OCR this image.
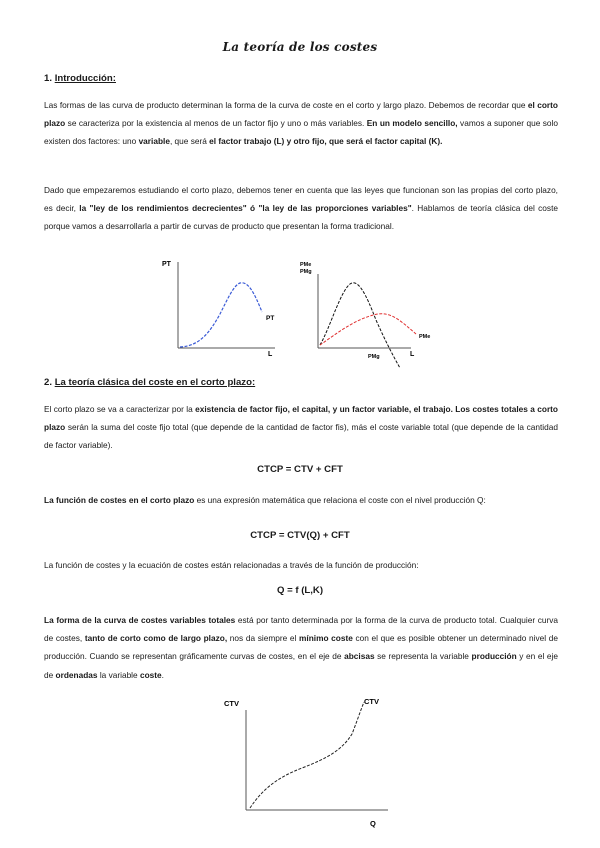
La teoría de los costes
1. Introducción:
Las formas de las curva de producto determinan la forma de la curva de coste en el corto y largo plazo. Debemos de recordar que el corto plazo se caracteriza por la existencia al menos de un factor fijo y uno o más variables. En un modelo sencillo, vamos a suponer que solo existen dos factores: uno variable, que será el factor trabajo (L) y otro fijo, que será el factor capital (K).
Dado que empezaremos estudiando el corto plazo, debemos tener en cuenta que las leyes que funcionan son las propias del corto plazo, es decir, la "ley de los rendimientos decrecientes" ó "la ley de las proporciones variables". Hablamos de teoría clásica del coste porque vamos a desarrollarla a partir de curvas de producto que presentan la forma tradicional.
PT
L
PT
PMe
PMg
L
PMe
PMg
2. La teoría clásica del coste en el corto plazo:
El corto plazo se va a caracterizar por la existencia de factor fijo, el capital, y un factor variable, el trabajo. Los costes totales a corto plazo serán la suma del coste fijo total (que depende de la cantidad de factor fis), más el coste variable total (que depende de la cantidad de factor variable).
CTCP = CTV + CFT
La función de costes en el corto plazo es una expresión matemática que relaciona el coste con el nivel producción Q:
CTCP = CTV(Q) + CFT
La función de costes y la ecuación de costes están relacionadas a través de la función de producción:
Q = f (L,K)
La forma de la curva de costes variables totales está por tanto determinada por la forma de la curva de producto total. Cualquier curva de costes, tanto de corto como de largo plazo, nos da siempre el mínimo coste con el que es posible obtener un determinado nivel de producción. Cuando se representan gráficamente curvas de costes, en el eje de abcisas se representa la variable producción y en el eje de ordenadas la variable coste.
CTV
Q
CTV
